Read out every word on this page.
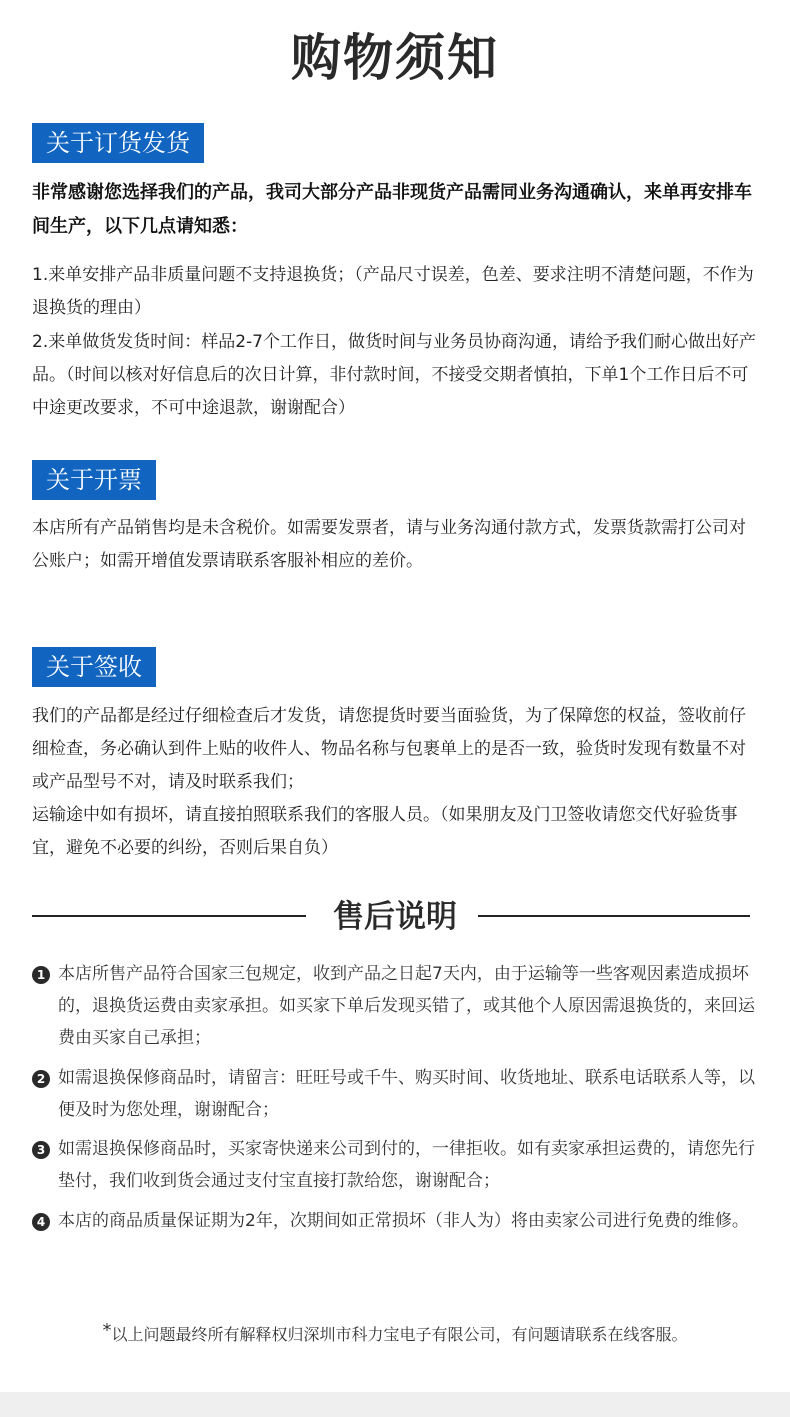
购物须知
关于订货发货

非常感谢您选择我们的产品，我司大部分产品非现货产品需同业务沟通确认，来单再安排车间生产，以下几点请知悉：

1.来单安排产品非质量问题不支持退换货；（产品尺寸误差，色差、要求注明不清楚问题，不作为退换货的理由）

2.来单做货发货时间：样品2-7个工作日，做货时间与业务员协商沟通，请给予我们耐心做出好产品。（时间以核对好信息后的次日计算，非付款时间，不接受交期者慎拍，下单1个工作日后不可中途更改要求，不可中途退款，谢谢配合）

关于开票

本店所有产品销售均是未含税价。如需要发票者，请与业务沟通付款方式，发票货款需打公司对公账户；如需开增值发票请联系客服补相应的差价。

关于签收

我们的产品都是经过仔细检查后才发货，请您提货时要当面验货，为了保障您的权益，签收前仔细检查，务必确认到件上贴的收件人、物品名称与包裹单上的是否一致，验货时发现有数量不对或产品型号不对，请及时联系我们；

运输途中如有损坏，请直接拍照联系我们的客服人员。（如果朋友及门卫签收请您交代好验货事宜，避免不必要的纠纷，否则后果自负）

售后说明
1 本店所售产品符合国家三包规定，收到产品之日起7天内，由于运输等一些客观因素造成损坏的，退换货运费由卖家承担。如买家下单后发现买错了，或其他个人原因需退换货的，来回运费由买家自己承担；

2 如需退换保修商品时，请留言：旺旺号或千牛、购买时间、收货地址、联系电话联系人等，以便及时为您处理，谢谢配合；

3 如需退换保修商品时，买家寄快递来公司到付的，一律拒收。如有卖家承担运费的，请您先行垫付，我们收到货会通过支付宝直接打款给您，谢谢配合；

4 本店的商品质量保证期为2年，次期间如正常损坏（非人为）将由卖家公司进行免费的维修。

*以上问题最终所有解释权归深圳市科力宝电子有限公司，有问题请联系在线客服。
